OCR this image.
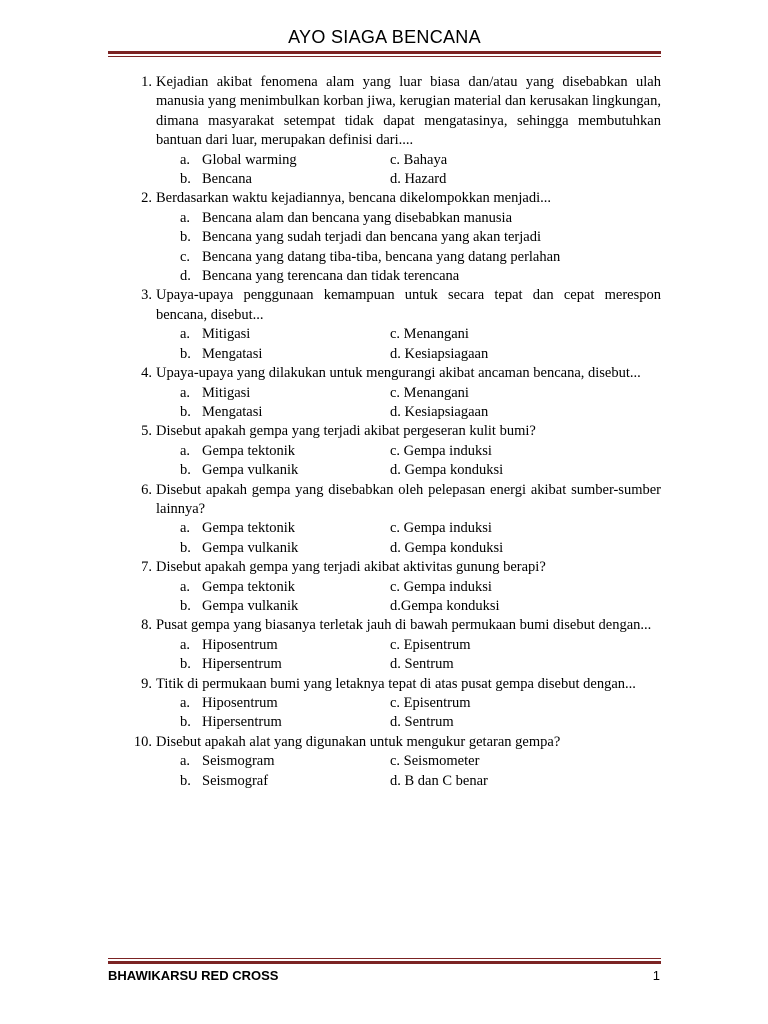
AYO SIAGA BENCANA
1. Kejadian akibat fenomena alam yang luar biasa dan/atau yang disebabkan ulah manusia yang menimbulkan korban jiwa, kerugian material dan kerusakan lingkungan, dimana masyarakat setempat tidak dapat mengatasinya, sehingga membutuhkan bantuan dari luar, merupakan definisi dari....
a. Global warming	c. Bahaya
b. Bencana	d. Hazard
2. Berdasarkan waktu kejadiannya, bencana dikelompokkan menjadi...
a. Bencana alam dan bencana yang disebabkan manusia
b. Bencana yang sudah terjadi dan bencana yang akan terjadi
c. Bencana yang datang tiba-tiba, bencana yang datang perlahan
d. Bencana yang terencana dan tidak terencana
3. Upaya-upaya penggunaan kemampuan untuk secara tepat dan cepat merespon bencana, disebut...
a. Mitigasi	c. Menangani
b. Mengatasi	d. Kesiapsiagaan
4. Upaya-upaya yang dilakukan untuk mengurangi akibat ancaman bencana, disebut...
a. Mitigasi	c. Menangani
b. Mengatasi	d. Kesiapsiagaan
5. Disebut apakah gempa yang terjadi akibat pergeseran kulit bumi?
a. Gempa tektonik	c. Gempa induksi
b. Gempa vulkanik	d. Gempa konduksi
6. Disebut apakah gempa yang disebabkan oleh pelepasan energi akibat sumber-sumber lainnya?
a. Gempa tektonik	c. Gempa induksi
b. Gempa vulkanik	d. Gempa konduksi
7. Disebut apakah gempa yang terjadi akibat aktivitas gunung berapi?
a. Gempa tektonik	c. Gempa induksi
b. Gempa vulkanik	d.Gempa konduksi
8. Pusat gempa yang biasanya terletak jauh di bawah permukaan bumi disebut dengan...
a. Hiposentrum	c. Episentrum
b. Hipersentrum	d. Sentrum
9. Titik di permukaan bumi yang letaknya tepat di atas pusat gempa disebut dengan...
a. Hiposentrum	c. Episentrum
b. Hipersentrum	d. Sentrum
10. Disebut apakah alat yang digunakan untuk mengukur getaran gempa?
a. Seismogram	c. Seismometer
b. Seismograf	d. B dan C benar
BHAWIKARSU RED CROSS	1
